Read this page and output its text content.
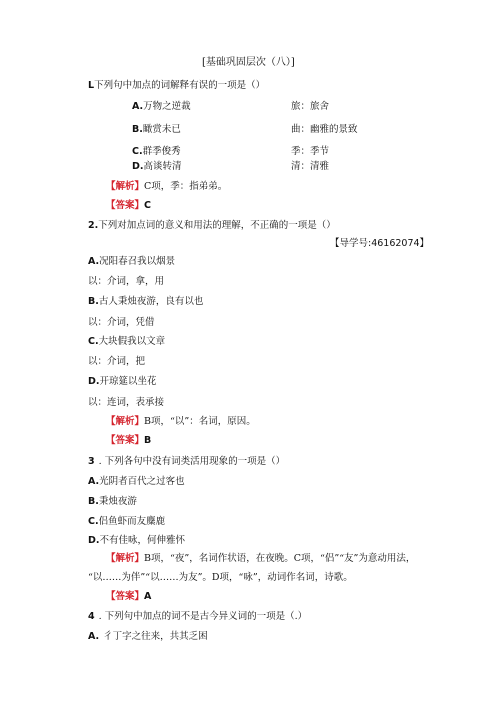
[基础巩固层次（八）]
L下列句中加点的词解释有误的一项是（）
A.万物之逆裁	旅：旅舍
B.瞰赏未已	曲：幽雅的景致
C.群季俊秀	季：季节
D.高谈转清	清：清雅
【解析】C项，季：指弟弟。
【答案】C
2.下列对加点词的意义和用法的理解，不正确的一项是（）
【导学号:46162074】
A.况阳春召我以烟景
以：介词，拿，用
B.古人秉烛夜游，良有以也
以：介词，凭借
C.大块假我以文章
以：介词，把
D.开琼筵以坐花
以：连词，表承接
【解析】B项，“以”：名词，原因。
【答案】B
3 . 下列各句中没有词类活用现象的一项是（）
A.光阴者百代之过客也
B.秉烛夜游
C.侣鱼虾而友麋鹿
D.不有佳咏，何伸雅怀
【解析】B项，“夜”，名词作状语，在夜晚。C项，“侣”“友”为意动用法，
“以……为伴”“以……为友”。D项，“咏”，动词作名词，诗歌。
【答案】A
4 . 下列句中加点的词不是古今异义词的一项是（.）
A. 彳丁字之往来，共其乏困
